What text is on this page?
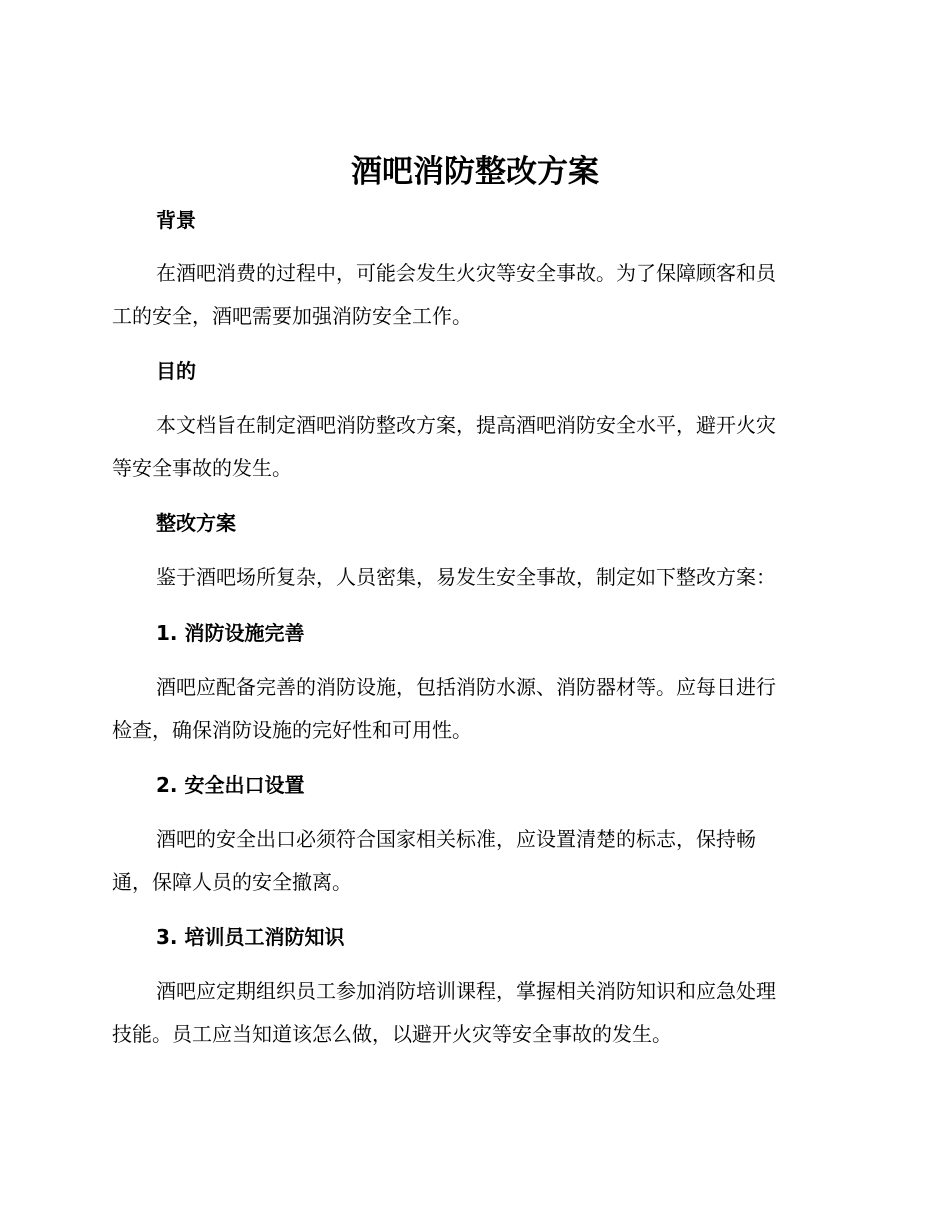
酒吧消防整改方案
背景

在酒吧消费的过程中，可能会发生火灾等安全事故。为了保障顾客和员
工的安全，酒吧需要加强消防安全工作。

目的

本文档旨在制定酒吧消防整改方案，提高酒吧消防安全水平，避开火灾
等安全事故的发生。

整改方案

鉴于酒吧场所复杂，人员密集，易发生安全事故，制定如下整改方案：

1. 消防设施完善

酒吧应配备完善的消防设施，包括消防水源、消防器材等。应每日进行
检查，确保消防设施的完好性和可用性。

2. 安全出口设置

酒吧的安全出口必须符合国家相关标准，应设置清楚的标志，保持畅
通，保障人员的安全撤离。

3. 培训员工消防知识

酒吧应定期组织员工参加消防培训课程，掌握相关消防知识和应急处理
技能。员工应当知道该怎么做，以避开火灾等安全事故的发生。
